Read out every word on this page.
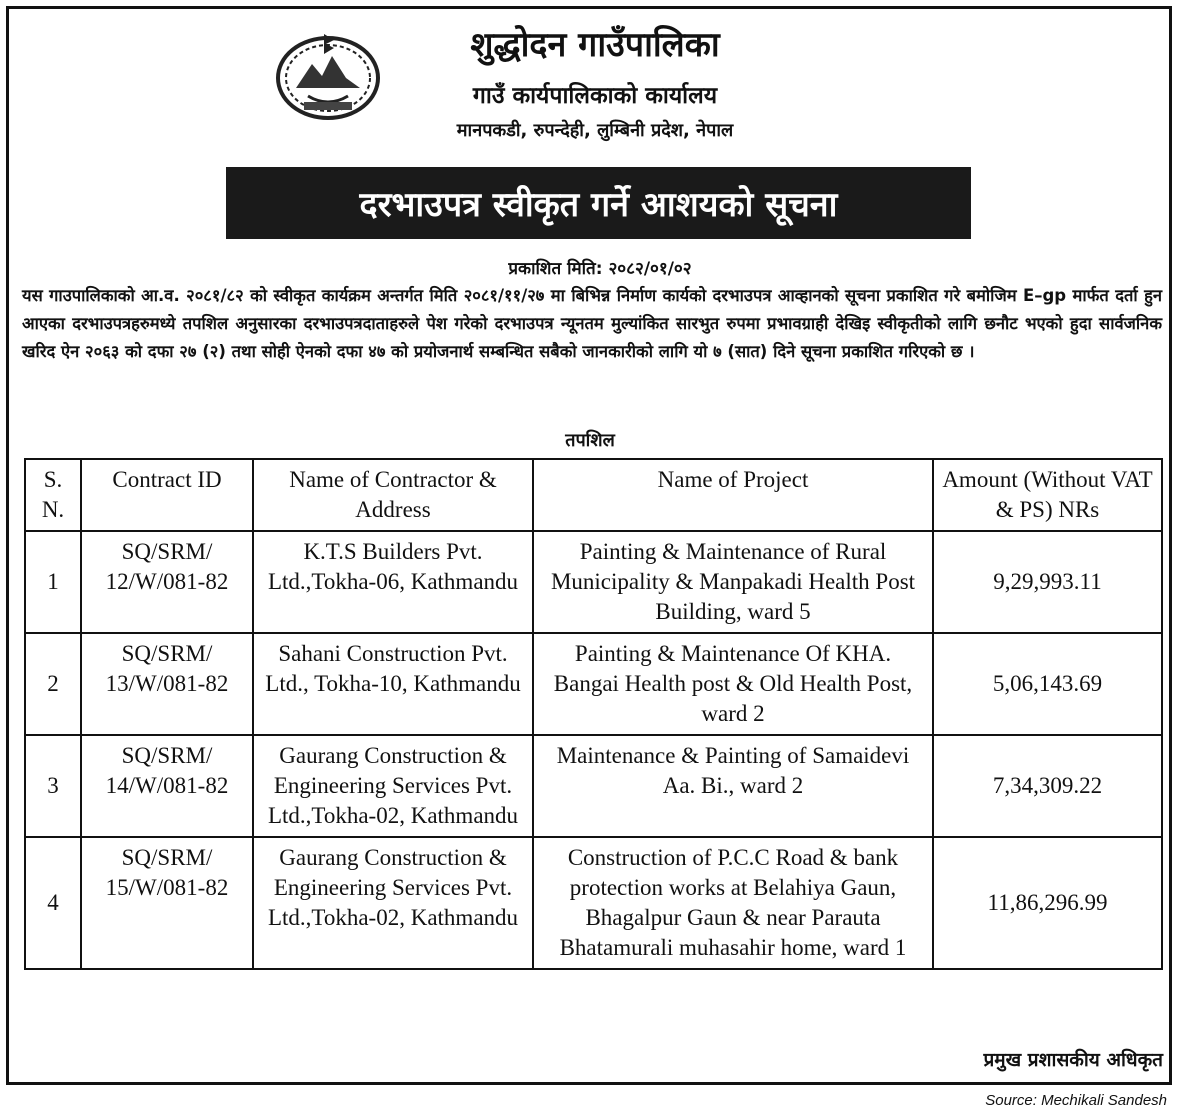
शुद्धोदन गाउँपालिका
गाउँ कार्यपालिकाको कार्यालय
मानपकडी, रुपन्देही, लुम्बिनी प्रदेश, नेपाल
दरभाउपत्र स्वीकृत गर्ने आशयको सूचना
प्रकाशित मिति: २०८२/०१/०२
यस गाउपालिकाको आ.व. २०८१/८२ को स्वीकृत कार्यक्रम अन्तर्गत मिति २०८१/११/२७ मा बिभिन्न निर्माण कार्यको दरभाउपत्र आव्हानको सूचना प्रकाशित गरे बमोजिम E–gp मार्फत दर्ता हुन आएका दरभाउपत्रहरुमध्ये तपशिल अनुसारका दरभाउपत्रदाताहरुले पेश गरेको दरभाउपत्र न्यूनतम मुल्यांकित सारभुत रुपमा प्रभावग्राही देखिइ स्वीकृतीको लागि छनौट भएको हुदा सार्वजनिक खरिद ऐन २०६३ को दफा २७ (२) तथा सोही ऐनको दफा ४७ को प्रयोजनार्थ सम्बन्धित सबैको जानकारीको लागि यो ७ (सात) दिने सूचना प्रकाशित गरिएको छ ।
तपशिल
S. N.	Contract ID	Name of Contractor & Address	Name of Project	Amount (Without VAT & PS) NRs
1	SQ/SRM/ 12/W/081-82	K.T.S Builders Pvt. Ltd.,Tokha-06, Kathmandu	Painting & Maintenance of Rural Municipality & Manpakadi Health Post Building, ward 5	9,29,993.11
2	SQ/SRM/ 13/W/081-82	Sahani Construction Pvt. Ltd., Tokha-10, Kathmandu	Painting & Maintenance Of KHA. Bangai Health post & Old Health Post, ward 2	5,06,143.69
3	SQ/SRM/ 14/W/081-82	Gaurang Construction & Engineering Services Pvt. Ltd.,Tokha-02, Kathmandu	Maintenance & Painting of Samaidevi Aa. Bi., ward 2	7,34,309.22
4	SQ/SRM/ 15/W/081-82	Gaurang Construction & Engineering Services Pvt. Ltd.,Tokha-02, Kathmandu	Construction of P.C.C Road & bank protection works at Belahiya Gaun, Bhagalpur Gaun & near Parauta Bhatamurali muhasahir home, ward 1	11,86,296.99
प्रमुख प्रशासकीय अधिकृत
Source: Mechikali Sandesh
